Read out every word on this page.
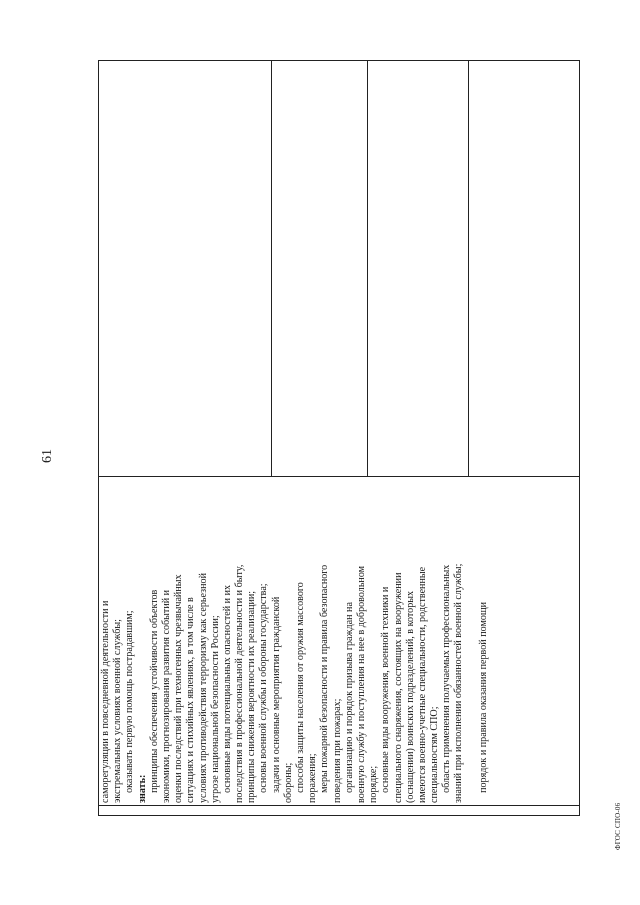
61
саморегуляции в повседневной деятельности и экстремальных условиях военной службы; оказывать первую помощь пострадавшим; знать: принципы обеспечения устойчивости объектов экономики, прогнозирования развития событий и оценки последствий при техногенных чрезвычайных ситуациях и стихийных явлениях, в том числе в условиях противодействия терроризму как серьезной угрозе национальной безопасности России; основные виды потенциальных опасностей и их последствия в профессиональной деятельности и быту, принципы снижения вероятности их реализации; основы военной службы и обороны государства; задачи и основные мероприятия гражданской обороны; способы защиты населения от оружия массового поражения; меры пожарной безопасности и правила безопасного поведения при пожарах; организацию и порядок призыва граждан на военную службу и поступления на нее в добровольном порядке; основные виды вооружения, военной техники и специального снаряжения, состоящих на вооружении (оснащении) воинских подразделений, в которых имеются военно-учетные специальности, родственные специальностям СПО; область применения получаемых профессиональных знаний при исполнении обязанностей военной службы; порядок и правила оказания первой помощи
ФГОС СПО-06
